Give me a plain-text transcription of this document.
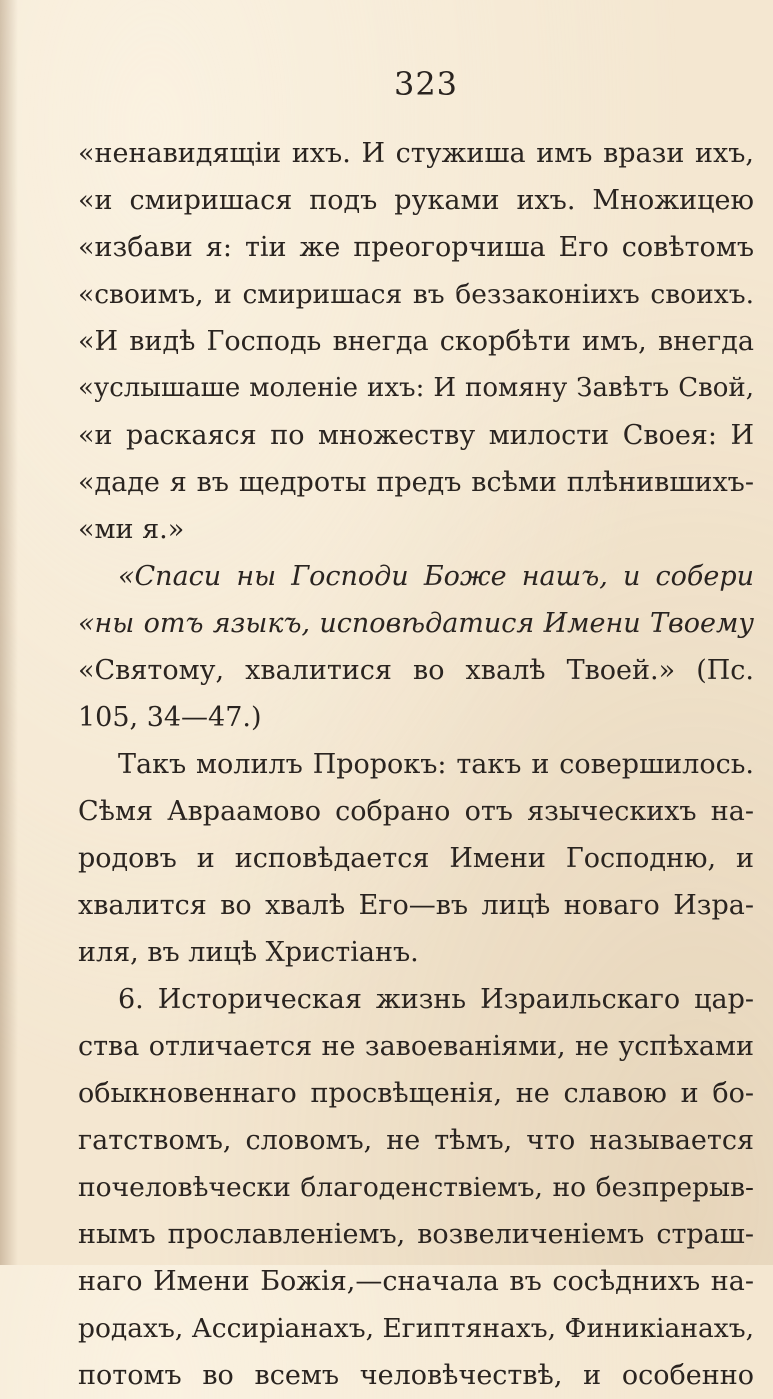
323
«ненавидящіи ихъ. И стужиша имъ врази ихъ,
«и смиришася подъ руками ихъ. Множицею
«избави я: тіи же преогорчиша Его совѣтомъ
«своимъ, и смиришася въ беззаконіихъ своихъ.
«И видѣ Господь внегда скорбѣти имъ, внегда
«услышаше моленіе ихъ: И помяну Завѣтъ Свой,
«и раскаяся по множеству милости Своея: И
«даде я въ щедроты предъ всѣми плѣнившихъ-
«ми я.»
«Спаси ны Господи Боже нашъ, и собери
«ны отъ языкъ, исповѣдатися Имени Твоему
«Святому, хвалитися во хвалѣ Твоей.» (Пс.
105, 34—47.)
Такъ молилъ Пророкъ: такъ и совершилось.
Сѣмя Авраамово собрано отъ языческихъ на-
родовъ и исповѣдается Имени Господню, и
хвалится во хвалѣ Его—въ лицѣ новаго Изра-
иля, въ лицѣ Христіанъ.
6. Историческая жизнь Израильскаго цар-
ства отличается не завоеваніями, не успѣхами
обыкновеннаго просвѣщенія, не славою и бо-
гатствомъ, словомъ, не тѣмъ, что называется
почеловѣчески благоденствіемъ, но безпрерыв-
нымъ прославленіемъ, возвеличеніемъ страш-
наго Имени Божія,—сначала въ сосѣднихъ на-
родахъ, Ассиріанахъ, Египтянахъ, Финикіанахъ,
потомъ во всемъ человѣчествѣ, и особенно
